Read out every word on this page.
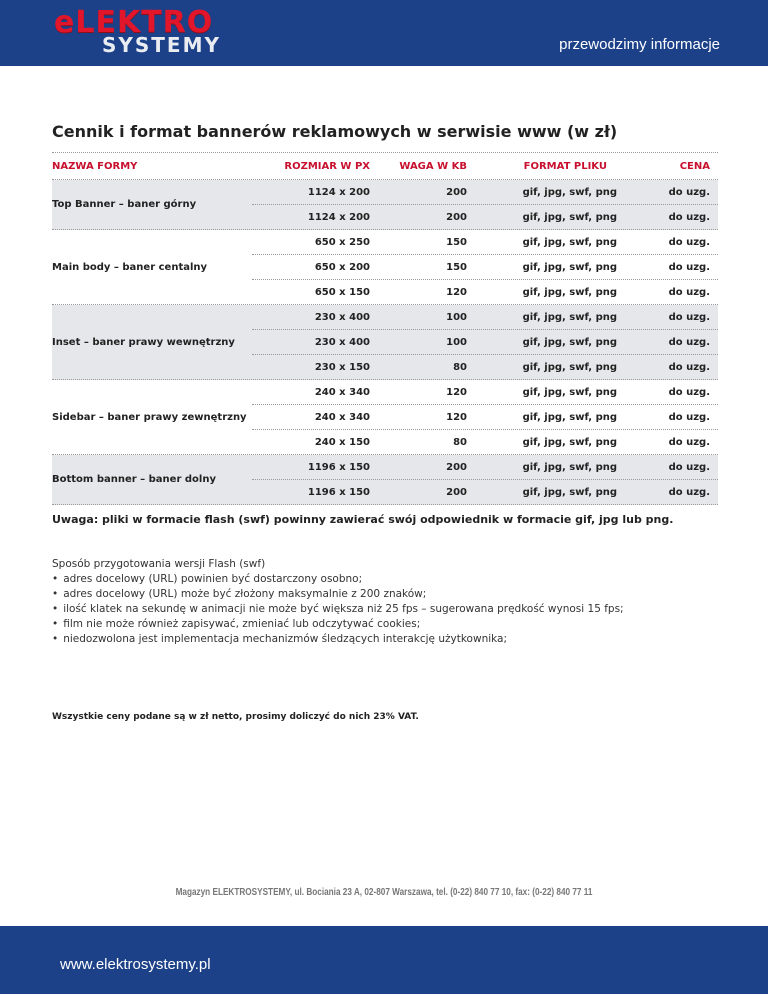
eLEKTRO
SYSTEMY	przewodzimy informacje
Cennik i format bannerów reklamowych w serwisie www (w zł)
NAZWA FORMY	ROZMIAR W PX	WAGA W KB	FORMAT PLIKU	CENA
Top Banner – baner górny
1124 x 200	200	gif, jpg, swf, png	do uzg.
1124 x 200	200	gif, jpg, swf, png	do uzg.
Main body – baner centalny
650 x 250	150	gif, jpg, swf, png	do uzg.
650 x 200	150	gif, jpg, swf, png	do uzg.
650 x 150	120	gif, jpg, swf, png	do uzg.
Inset – baner prawy wewnętrzny
230 x 400	100	gif, jpg, swf, png	do uzg.
230 x 400	100	gif, jpg, swf, png	do uzg.
230 x 150	80	gif, jpg, swf, png	do uzg.
Sidebar – baner prawy zewnętrzny
240 x 340	120	gif, jpg, swf, png	do uzg.
240 x 340	120	gif, jpg, swf, png	do uzg.
240 x 150	80	gif, jpg, swf, png	do uzg.
Bottom banner – baner dolny
1196 x 150	200	gif, jpg, swf, png	do uzg.
1196 x 150	200	gif, jpg, swf, png	do uzg.

Uwaga: pliki w formacie flash (swf) powinny zawierać swój odpowiednik w formacie gif, jpg lub png.

Sposób przygotowania wersji Flash (swf)
• adres docelowy (URL) powinien być dostarczony osobno;
• adres docelowy (URL) może być złożony maksymalnie z 200 znaków;
• ilość klatek na sekundę w animacji nie może być większa niż 25 fps – sugerowana prędkość wynosi 15 fps;
• film nie może również zapisywać, zmieniać lub odczytywać cookies;
• niedozwolona jest implementacja mechanizmów śledzących interakcję użytkownika;

Wszystkie ceny podane są w zł netto, prosimy doliczyć do nich 23% VAT.

Magazyn ELEKTROSYSTEMY, ul. Bociania 23 A, 02-807 Warszawa, tel. (0-22) 840 77 10, fax: (0-22) 840 77 11
www.elektrosystemy.pl
